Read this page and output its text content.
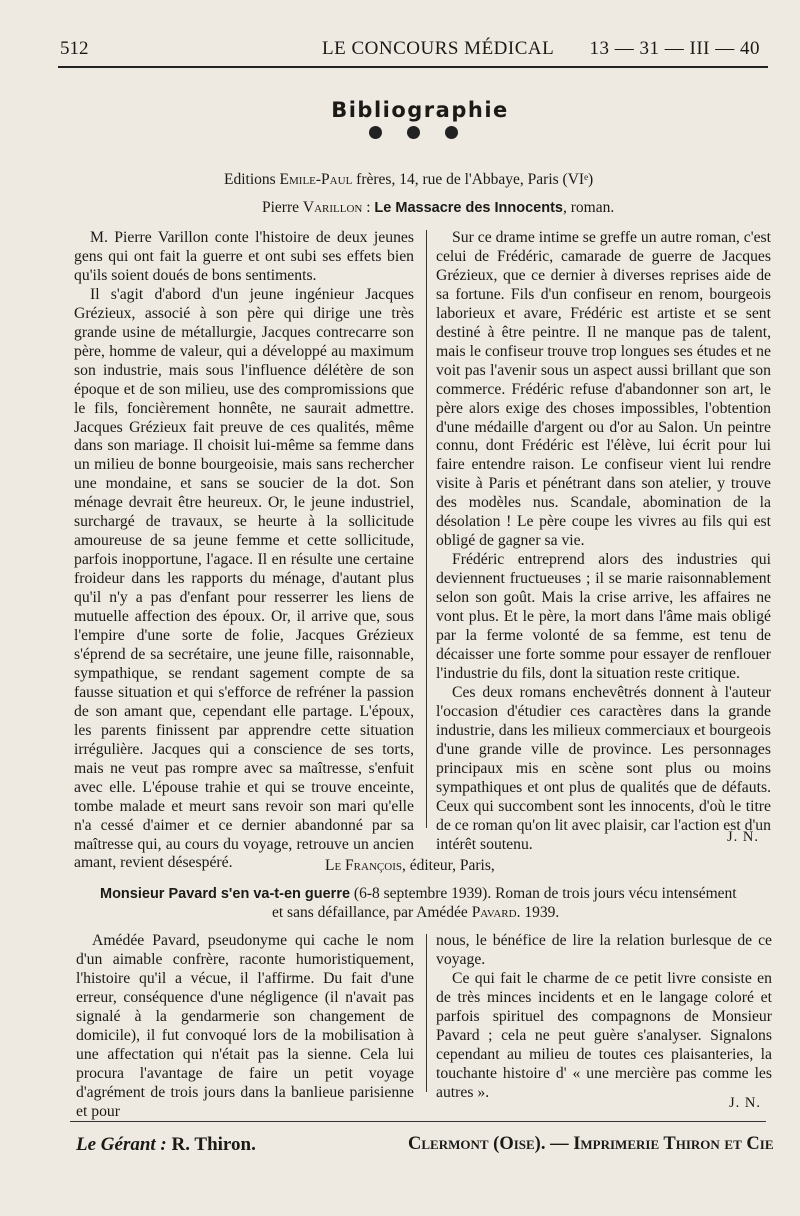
512	LE CONCOURS MÉDICAL 13 — 31 — III — 40
Bibliographie
Editions Emile-Paul frères, 14, rue de l'Abbaye, Paris (VIᵉ)
Pierre Varillon : Le Massacre des Innocents, roman.

M. Pierre Varillon conte l'histoire de deux jeunes gens qui ont fait la guerre et ont subi ses effets bien qu'ils soient doués de bons sentiments.

Il s'agit d'abord d'un jeune ingénieur Jacques Grézieux, associé à son père qui dirige une très grande usine de métallurgie, Jacques contrecarre son père, homme de valeur, qui a développé au maximum son industrie, mais sous l'influence délétère de son époque et de son milieu, use des compromissions que le fils, foncièrement honnête, ne saurait admettre. Jacques Grézieux fait preuve de ces qualités, même dans son mariage. Il choisit lui-même sa femme dans un milieu de bonne bourgeoisie, mais sans rechercher une mondaine, et sans se soucier de la dot. Son ménage devrait être heureux. Or, le jeune industriel, surchargé de travaux, se heurte à la sollicitude amoureuse de sa jeune femme et cette sollicitude, parfois inopportune, l'agace. Il en résulte une certaine froideur dans les rapports du ménage, d'autant plus qu'il n'y a pas d'enfant pour resserrer les liens de mutuelle affection des époux. Or, il arrive que, sous l'empire d'une sorte de folie, Jacques Grézieux s'éprend de sa secrétaire, une jeune fille, raisonnable, sympathique, se rendant sagement compte de sa fausse situation et qui s'efforce de refréner la passion de son amant que, cependant elle partage. L'époux, les parents finissent par apprendre cette situation irrégulière. Jacques qui a conscience de ses torts, mais ne veut pas rompre avec sa maîtresse, s'enfuit avec elle. L'épouse trahie et qui se trouve enceinte, tombe malade et meurt sans revoir son mari qu'elle n'a cessé d'aimer et ce dernier abandonné par sa maîtresse qui, au cours du voyage, retrouve un ancien amant, revient désespéré.

Sur ce drame intime se greffe un autre roman, c'est celui de Frédéric, camarade de guerre de Jacques Grézieux, que ce dernier à diverses reprises aide de sa fortune. Fils d'un confiseur en renom, bourgeois laborieux et avare, Frédéric est artiste et se sent destiné à être peintre. Il ne manque pas de talent, mais le confiseur trouve trop longues ses études et ne voit pas l'avenir sous un aspect aussi brillant que son commerce. Frédéric refuse d'abandonner son art, le père alors exige des choses impossibles, l'obtention d'une médaille d'argent ou d'or au Salon. Un peintre connu, dont Frédéric est l'élève, lui écrit pour lui faire entendre raison. Le confiseur vient lui rendre visite à Paris et pénétrant dans son atelier, y trouve des modèles nus. Scandale, abomination de la désolation ! Le père coupe les vivres au fils qui est obligé de gagner sa vie.

Frédéric entreprend alors des industries qui deviennent fructueuses ; il se marie raisonnablement selon son goût. Mais la crise arrive, les affaires ne vont plus. Et le père, la mort dans l'âme mais obligé par la ferme volonté de sa femme, est tenu de décaisser une forte somme pour essayer de renflouer l'industrie du fils, dont la situation reste critique.

Ces deux romans enchevêtrés donnent à l'auteur l'occasion d'étudier ces caractères dans la grande industrie, dans les milieux commerciaux et bourgeois d'une grande ville de province. Les personnages principaux mis en scène sont plus ou moins sympathiques et ont plus de qualités que de défauts. Ceux qui succombent sont les innocents, d'où le titre de ce roman qu'on lit avec plaisir, car l'action est d'un intérêt soutenu.	J. N.
Le François, éditeur, Paris,
Monsieur Pavard s'en va-t-en guerre (6-8 septembre 1939). Roman de trois jours vécu intensément
et sans défaillance, par Amédée Pavard. 1939.

Amédée Pavard, pseudonyme qui cache le nom d'un aimable confrère, raconte humoristiquement, l'histoire qu'il a vécue, il l'affirme. Du fait d'une erreur, conséquence d'une négligence (il n'avait pas signalé à la gendarmerie son changement de domicile), il fut convoqué lors de la mobilisation à une affectation qui n'était pas la sienne. Cela lui procura l'avantage de faire un petit voyage d'agrément de trois jours dans la banlieue parisienne et pour

nous, le bénéfice de lire la relation burlesque de ce voyage.

Ce qui fait le charme de ce petit livre consiste en de très minces incidents et en le langage coloré et parfois spirituel des compagnons de Monsieur Pavard ; cela ne peut guère s'analyser. Signalons cependant au milieu de toutes ces plaisanteries, la touchante histoire d' « une mercière pas comme les autres ».

J. N.
Le Gérant : R. Thiron.	Clermont (Oise). — Imprimerie Thiron et Cie
